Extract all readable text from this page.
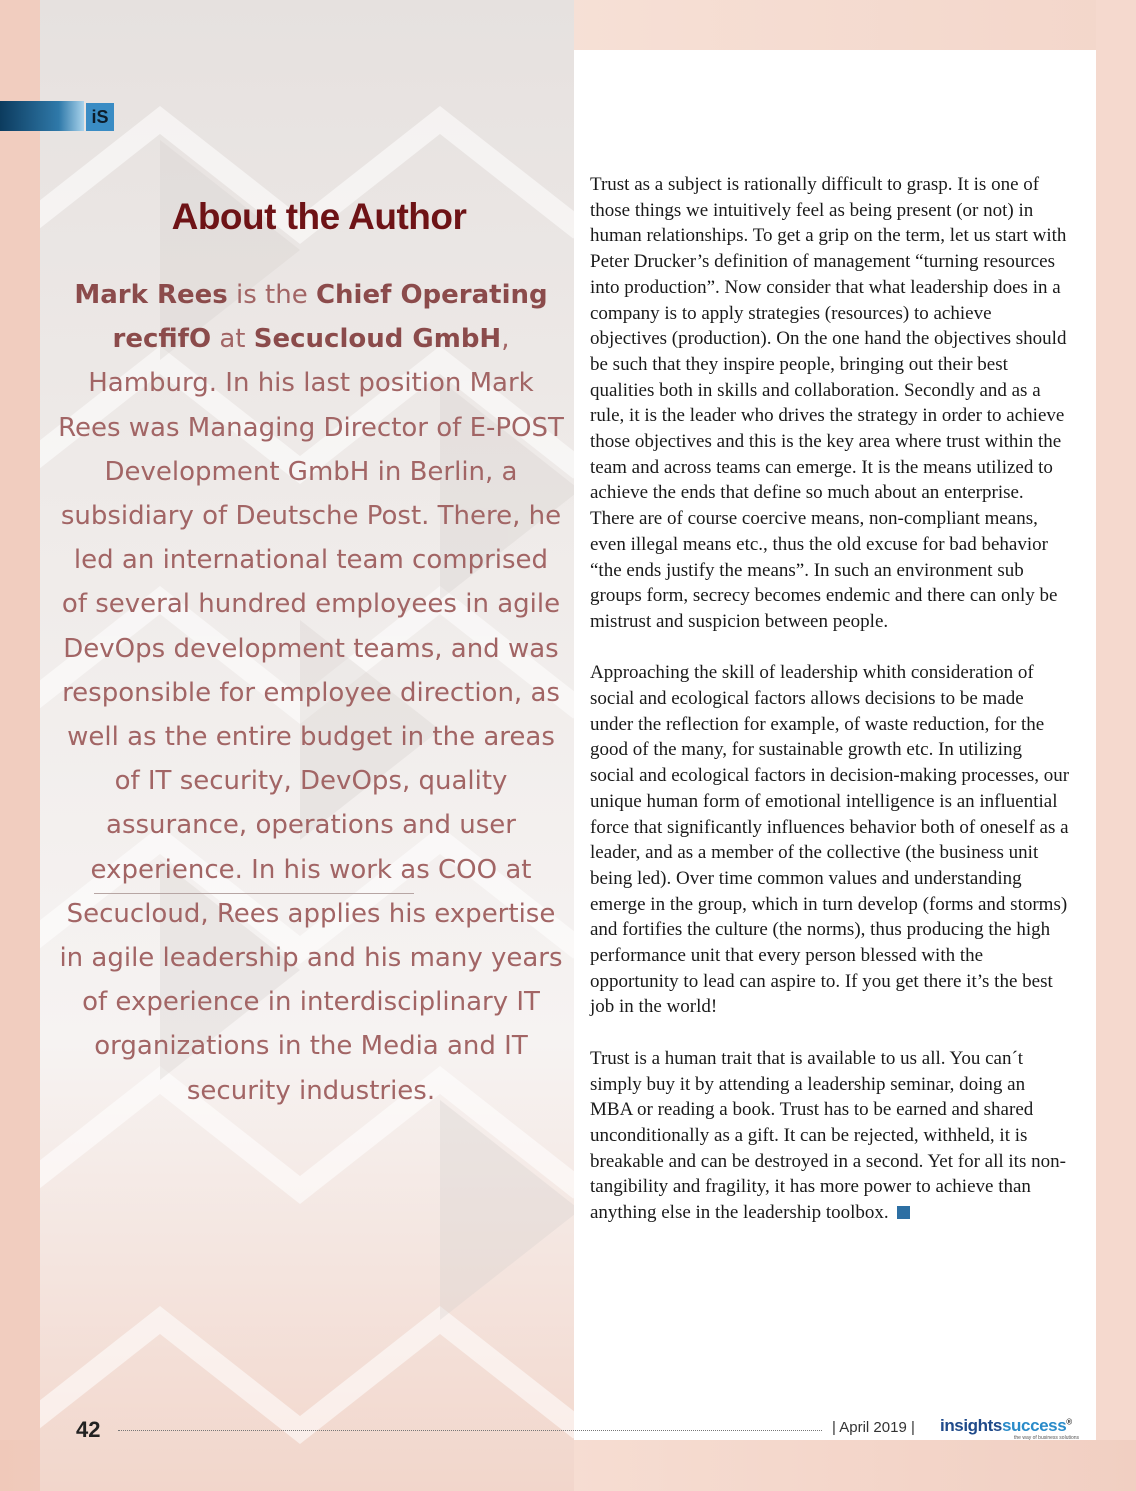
iS
About the Author

Mark Rees is the Chief Operating recfifO at Secucloud GmbH, Hamburg. In his last position Mark Rees was Managing Director of E-POST Development GmbH in Berlin, a subsidiary of Deutsche Post. There, he led an international team comprised of several hundred employees in agile DevOps development teams, and was responsible for employee direction, as well as the entire budget in the areas of IT security, DevOps, quality assurance, operations and user experience. In his work as COO at Secucloud, Rees applies his expertise in agile leadership and his many years of experience in interdisciplinary IT organizations in the Media and IT security industries.

Trust as a subject is rationally difficult to grasp. It is one of those things we intuitively feel as being present (or not) in human relationships. To get a grip on the term, let us start with Peter Drucker’s definition of management “turning resources into production”. Now consider that what leadership does in a company is to apply strategies (resources) to achieve objectives (production). On the one hand the objectives should be such that they inspire people, bringing out their best qualities both in skills and collaboration. Secondly and as a rule, it is the leader who drives the strategy in order to achieve those objectives and this is the key area where trust within the team and across teams can emerge. It is the means utilized to achieve the ends that define so much about an enterprise. There are of course coercive means, non-compliant means, even illegal means etc., thus the old excuse for bad behavior “the ends justify the means”. In such an environment sub groups form, secrecy becomes endemic and there can only be mistrust and suspicion between people.

Approaching the skill of leadership whith consideration of social and ecological factors allows decisions to be made under the reflection for example, of waste reduction, for the good of the many, for sustainable growth etc. In utilizing social and ecological factors in decision-making processes, our unique human form of emotional intelligence is an influential force that significantly influences behavior both of oneself as a leader, and as a member of the collective (the business unit being led). Over time common values and understanding emerge in the group, which in turn develop (forms and storms) and fortifies the culture (the norms), thus producing the high performance unit that every person blessed with the opportunity to lead can aspire to. If you get there it’s the best job in the world!

Trust is a human trait that is available to us all. You can´t simply buy it by attending a leadership seminar, doing an MBA or reading a book. Trust has to be earned and shared unconditionally as a gift. It can be rejected, withheld, it is breakable and can be destroyed in a second. Yet for all its non-tangibility and fragility, it has more power to achieve than anything else in the leadership toolbox.

42	| April 2019 | insightssuccess®
the way of business solutions
